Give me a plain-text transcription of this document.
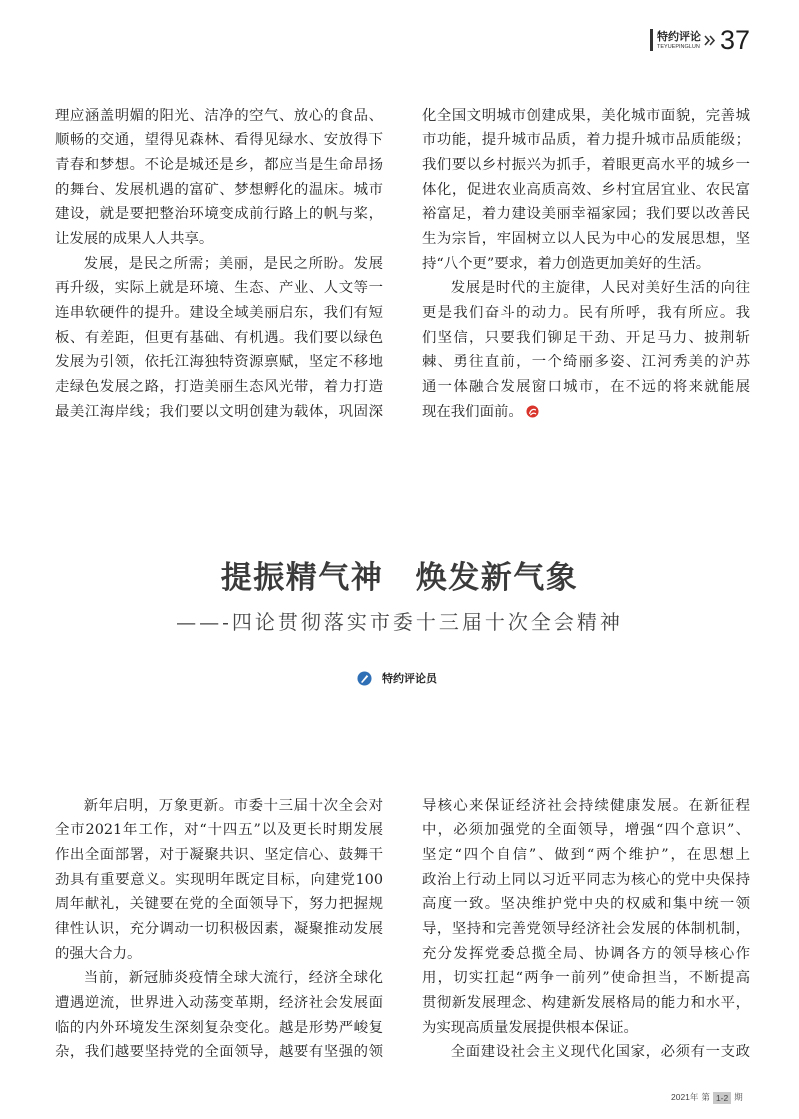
特约评论
TEYUEPINGLUN 37
理应涵盖明媚的阳光、洁净的空气、放心的食品、
顺畅的交通，望得见森林、看得见绿水、安放得下
青春和梦想。不论是城还是乡，都应当是生命昂扬
的舞台、发展机遇的富矿、梦想孵化的温床。城市
建设，就是要把整治环境变成前行路上的帆与桨，
让发展的成果人人共享。
发展，是民之所需；美丽，是民之所盼。发展
再升级，实际上就是环境、生态、产业、人文等一
连串软硬件的提升。建设全域美丽启东，我们有短
板、有差距，但更有基础、有机遇。我们要以绿色
发展为引领，依托江海独特资源禀赋，坚定不移地
走绿色发展之路，打造美丽生态风光带，着力打造
最美江海岸线；我们要以文明创建为载体，巩固深
化全国文明城市创建成果，美化城市面貌，完善城
市功能，提升城市品质，着力提升城市品质能级；
我们要以乡村振兴为抓手，着眼更高水平的城乡一
体化，促进农业高质高效、乡村宜居宜业、农民富
裕富足，着力建设美丽幸福家园；我们要以改善民
生为宗旨，牢固树立以人民为中心的发展思想，坚
持“八个更”要求，着力创造更加美好的生活。
发展是时代的主旋律，人民对美好生活的向往
更是我们奋斗的动力。民有所呼，我有所应。我
们坚信，只要我们铆足干劲、开足马力、披荆斩
棘、勇往直前，一个绮丽多姿、江河秀美的沪苏
通一体融合发展窗口城市，在不远的将来就能展
现在我们面前。
提振精气神　焕发新气象
——-四论贯彻落实市委十三届十次全会精神
特约评论员
新年启明，万象更新。市委十三届十次全会对
全市2021年工作，对“十四五”以及更长时期发展
作出全面部署，对于凝聚共识、坚定信心、鼓舞干
劲具有重要意义。实现明年既定目标，向建党100
周年献礼，关键要在党的全面领导下，努力把握规
律性认识，充分调动一切积极因素，凝聚推动发展
的强大合力。
当前，新冠肺炎疫情全球大流行，经济全球化
遭遇逆流，世界进入动荡变革期，经济社会发展面
临的内外环境发生深刻复杂变化。越是形势严峻复
杂，我们越要坚持党的全面领导，越要有坚强的领
导核心来保证经济社会持续健康发展。在新征程
中，必须加强党的全面领导，增强“四个意识”、
坚定“四个自信”、做到“两个维护”，在思想上
政治上行动上同以习近平同志为核心的党中央保持
高度一致。坚决维护党中央的权威和集中统一领
导，坚持和完善党领导经济社会发展的体制机制，
充分发挥党委总揽全局、协调各方的领导核心作
用，切实扛起“两争一前列”使命担当，不断提高
贯彻新发展理念、构建新发展格局的能力和水平，
为实现高质量发展提供根本保证。
全面建设社会主义现代化国家，必须有一支政
2021年 第 1-2 期
